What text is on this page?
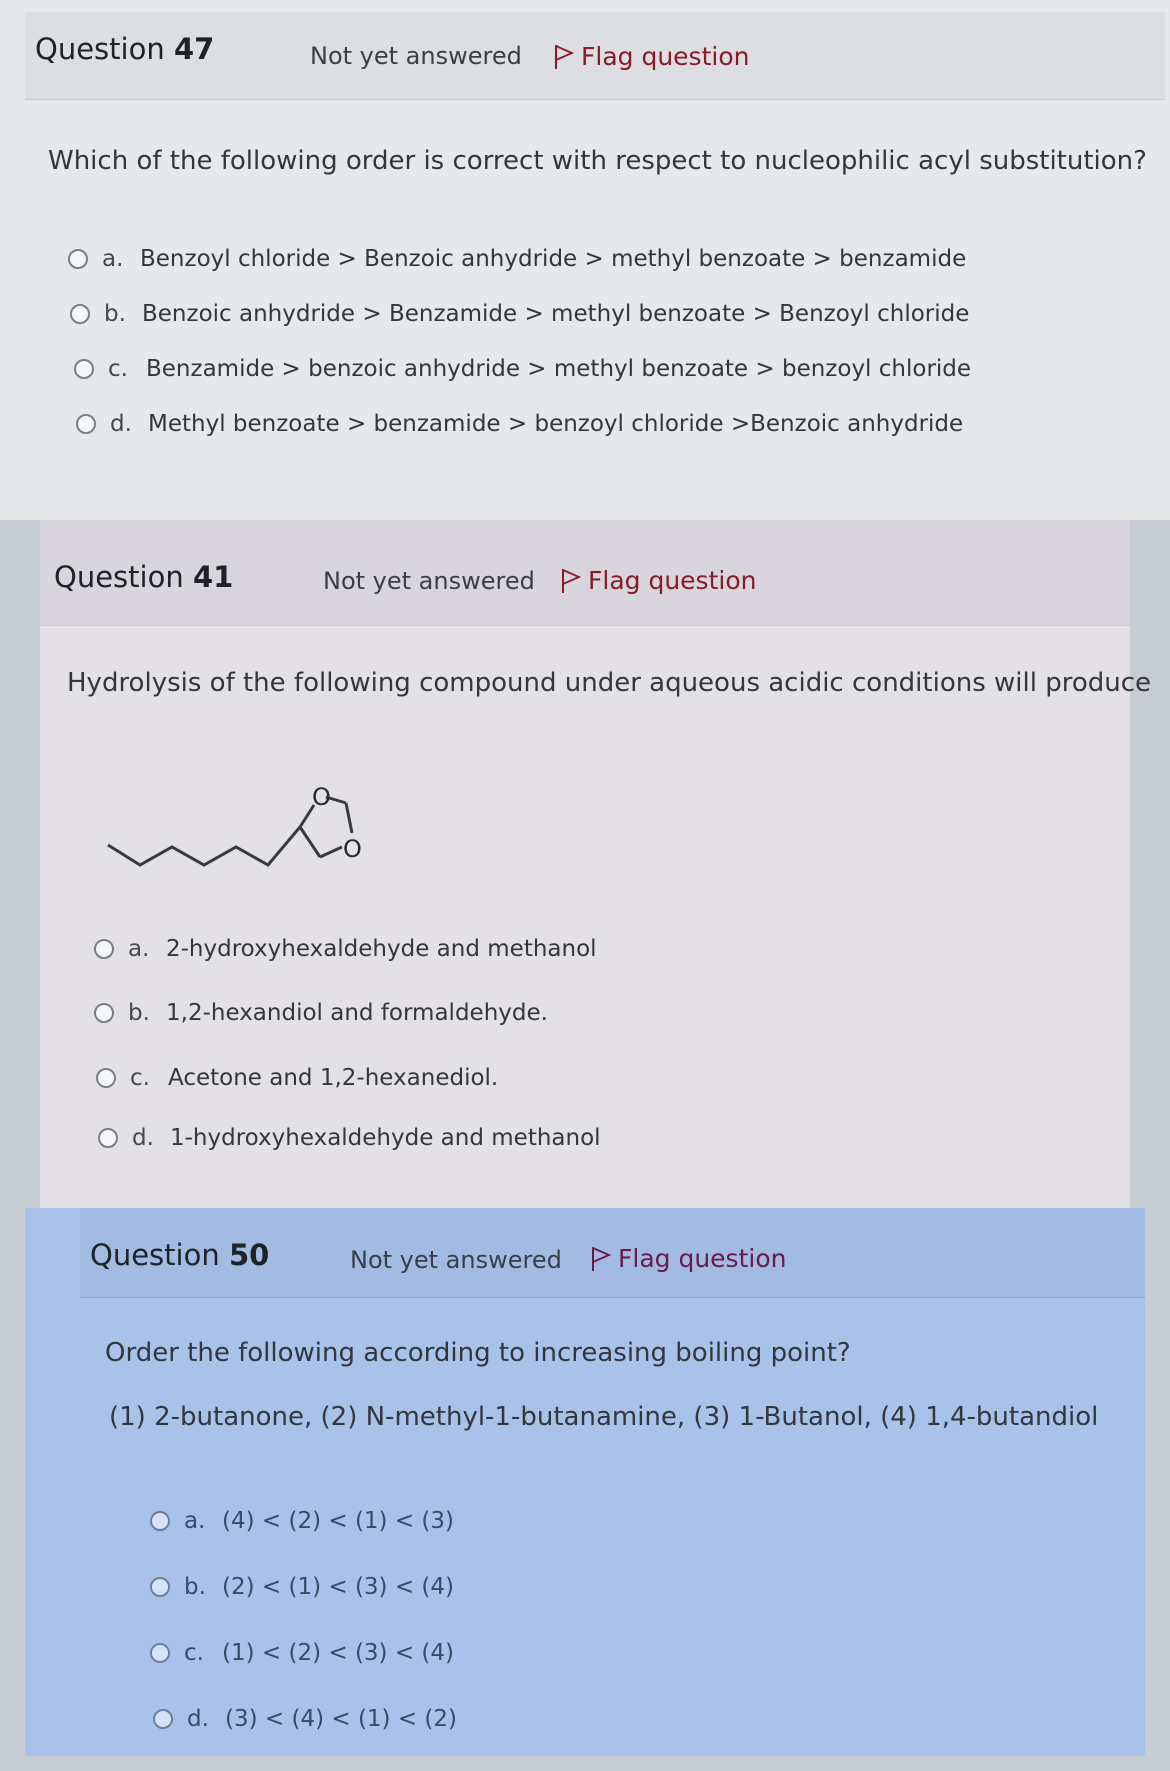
Question 47	Not yet answered Flag question
Which of the following order is correct with respect to nucleophilic acyl substitution?
a. Benzoyl chloride > Benzoic anhydride > methyl benzoate > benzamide
b. Benzoic anhydride > Benzamide > methyl benzoate > Benzoyl chloride
c. Benzamide > benzoic anhydride > methyl benzoate > benzoyl chloride
d. Methyl benzoate > benzamide > benzoyl chloride >Benzoic anhydride
Question 41	Not yet answered Flag question
Hydrolysis of the following compound under aqueous acidic conditions will produce
O
O
a. 2-hydroxyhexaldehyde and methanol
b. 1,2-hexandiol and formaldehyde.
c. Acetone and 1,2-hexanediol.
d. 1-hydroxyhexaldehyde and methanol
Question 50	Not yet answered Flag question
Order the following according to increasing boiling point?
(1) 2-butanone, (2) N-methyl-1-butanamine, (3) 1-Butanol, (4) 1,4-butandiol
a. (4) < (2) < (1) < (3)
b. (2) < (1) < (3) < (4)
c. (1) < (2) < (3) < (4)
d. (3) < (4) < (1) < (2)
